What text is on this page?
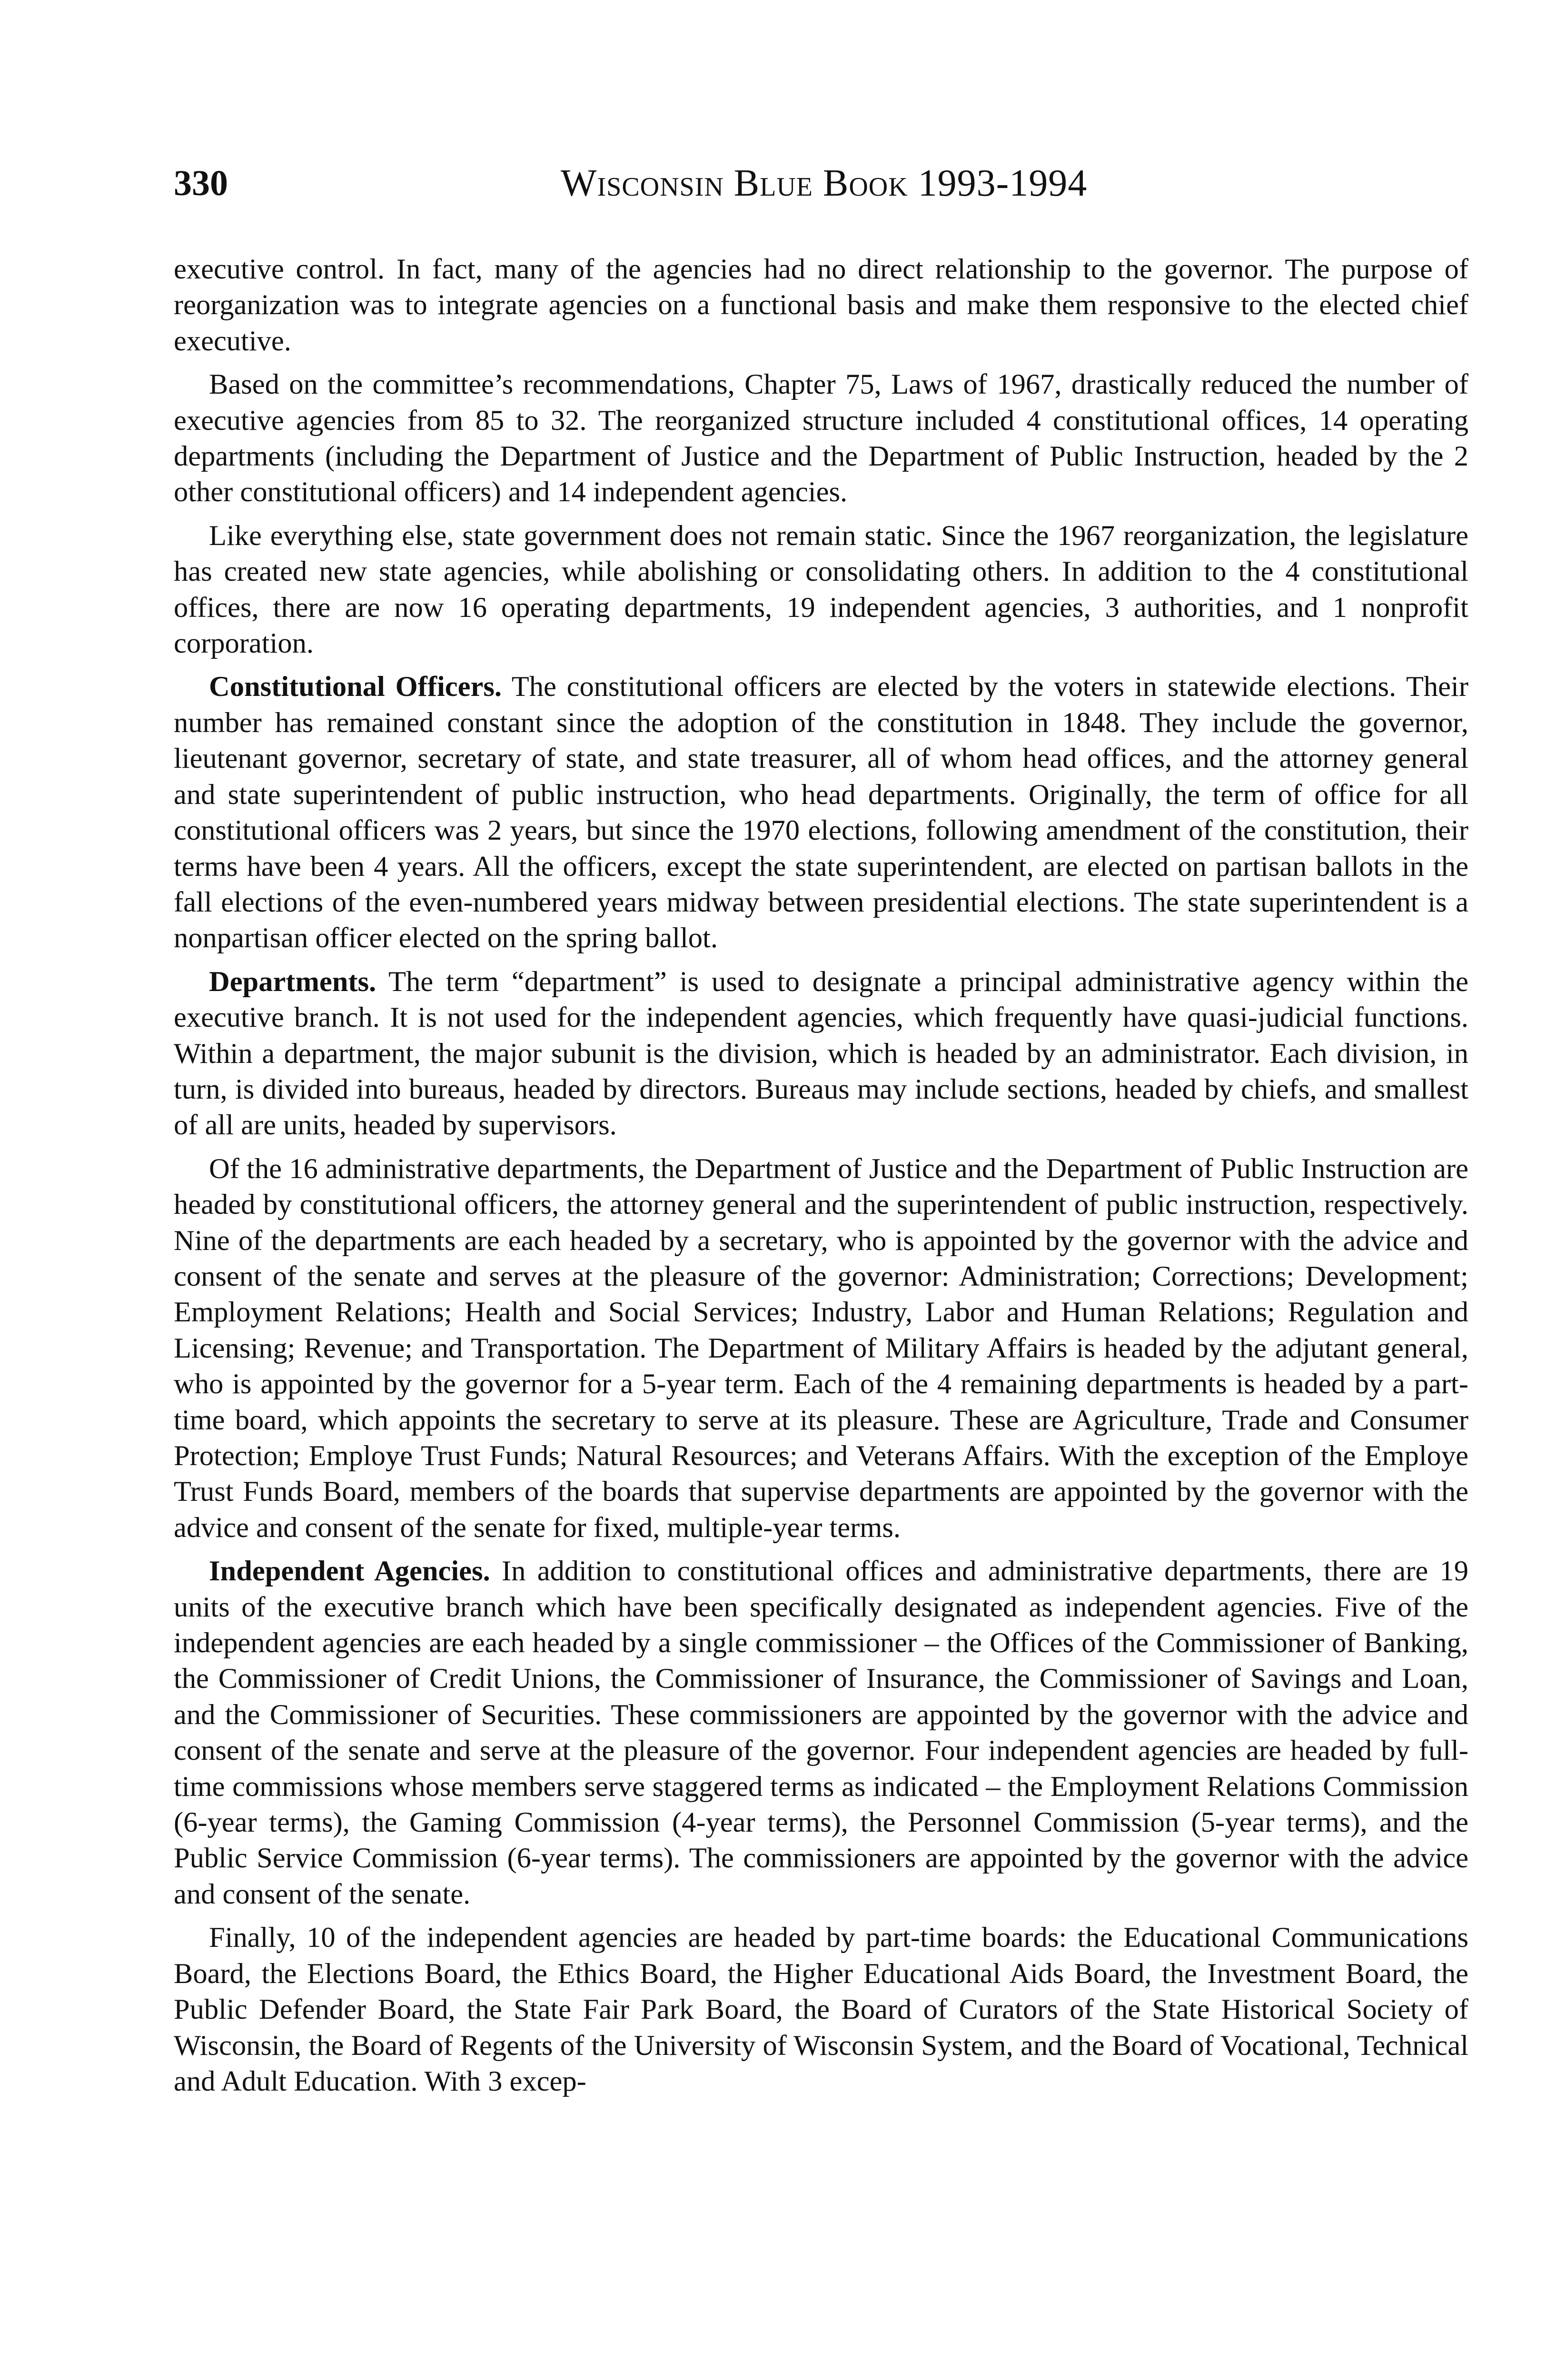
330	Wisconsin Blue Book 1993-1994

executive control. In fact, many of the agencies had no direct relationship to the governor. The purpose of reorganization was to integrate agencies on a functional basis and make them responsive to the elected chief executive.

Based on the committee’s recommendations, Chapter 75, Laws of 1967, drastically reduced the number of executive agencies from 85 to 32. The reorganized structure included 4 constitutional offices, 14 operating departments (including the Department of Justice and the Department of Public Instruction, headed by the 2 other constitutional officers) and 14 independent agencies.

Like everything else, state government does not remain static. Since the 1967 reorganization, the legislature has created new state agencies, while abolishing or consolidating others. In addition to the 4 constitutional offices, there are now 16 operating departments, 19 independent agencies, 3 authorities, and 1 nonprofit corporation.

Constitutional Officers. The constitutional officers are elected by the voters in statewide elections. Their number has remained constant since the adoption of the constitution in 1848. They include the governor, lieutenant governor, secretary of state, and state treasurer, all of whom head offices, and the attorney general and state superintendent of public instruction, who head departments. Originally, the term of office for all constitutional officers was 2 years, but since the 1970 elections, following amendment of the constitution, their terms have been 4 years. All the officers, except the state superintendent, are elected on partisan ballots in the fall elections of the even-numbered years midway between presidential elections. The state superintendent is a nonpartisan officer elected on the spring ballot.

Departments. The term “department” is used to designate a principal administrative agency within the executive branch. It is not used for the independent agencies, which frequently have quasi-judicial functions. Within a department, the major subunit is the division, which is headed by an administrator. Each division, in turn, is divided into bureaus, headed by directors. Bureaus may include sections, headed by chiefs, and smallest of all are units, headed by supervisors.

Of the 16 administrative departments, the Department of Justice and the Department of Public Instruction are headed by constitutional officers, the attorney general and the superintendent of public instruction, respectively. Nine of the departments are each headed by a secretary, who is appointed by the governor with the advice and consent of the senate and serves at the pleasure of the governor: Administration; Corrections; Development; Employment Relations; Health and Social Services; Industry, Labor and Human Relations; Regulation and Licensing; Revenue; and Transportation. The Department of Military Affairs is headed by the adjutant general, who is appointed by the governor for a 5-year term. Each of the 4 remaining departments is headed by a part-time board, which appoints the secretary to serve at its pleasure. These are Agriculture, Trade and Consumer Protection; Employe Trust Funds; Natural Resources; and Veterans Affairs. With the exception of the Employe Trust Funds Board, members of the boards that supervise departments are appointed by the governor with the advice and consent of the senate for fixed, multiple-year terms.

Independent Agencies. In addition to constitutional offices and administrative departments, there are 19 units of the executive branch which have been specifically designated as independent agencies. Five of the independent agencies are each headed by a single commissioner – the Offices of the Commissioner of Banking, the Commissioner of Credit Unions, the Commissioner of Insurance, the Commissioner of Savings and Loan, and the Commissioner of Securities. These commissioners are appointed by the governor with the advice and consent of the senate and serve at the pleasure of the governor. Four independent agencies are headed by full-time commissions whose members serve staggered terms as indicated – the Employment Relations Commission (6-year terms), the Gaming Commission (4-year terms), the Personnel Commission (5-year terms), and the Public Service Commission (6-year terms). The commissioners are appointed by the governor with the advice and consent of the senate.

Finally, 10 of the independent agencies are headed by part-time boards: the Educational Communications Board, the Elections Board, the Ethics Board, the Higher Educational Aids Board, the Investment Board, the Public Defender Board, the State Fair Park Board, the Board of Curators of the State Historical Society of Wisconsin, the Board of Regents of the University of Wisconsin System, and the Board of Vocational, Technical and Adult Education. With 3 excep-
